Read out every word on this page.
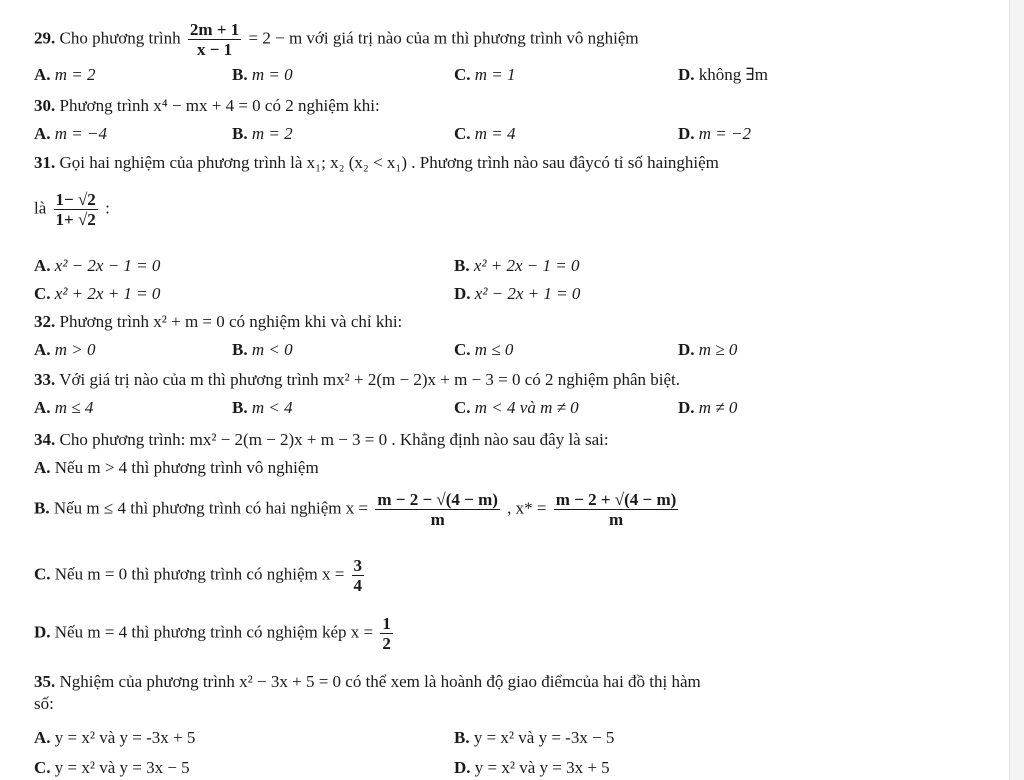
29. Cho phương trình $\frac{2m + 1}{x - 1} = 2 - m$ với giá trị nào của m thì phương trình vô nghiệm
A. m = 2	B. m = 0	C. m = 1	D. không ∃m
30. Phương trình x⁴ − mx + 4 = 0 có 2 nghiệm khi:
A. m = −4	B. m = 2	C. m = 4	D. m = −2
31. Gọi hai nghiệm của phương trình là x₁; x₂ (x₂ < x₁) . Phương trình nào sau đâycó tỉ số hainghiệm
là $\frac{1- √2}{1+ √2}$ :
A. x² − 2x − 1 = 0	B. x² + 2x − 1 = 0
C. x² + 2x + 1 = 0	D. x² − 2x + 1 = 0
32. Phương trình x² + m = 0 có nghiệm khi và chỉ khi:
A. m > 0	B. m < 0	C. m ≤ 0	D. m ≥ 0
33. Với giá trị nào của m thì phương trình mx² + 2(m − 2)x + m − 3 = 0 có 2 nghiệm phân biệt.
A. m ≤ 4	B. m < 4	C. m < 4 và m ≠ 0	D. m ≠ 0
34. Cho phương trình: mx² − 2(m − 2)x + m − 3 = 0 . Khẳng định nào sau đây là sai:
A. Nếu m > 4 thì phương trình vô nghiệm
B. Nếu m ≤ 4 thì phương trình có hai nghiệm $x = \frac{m - 2 - √(4 - m)}{m}$ , $x* = \frac{m - 2 + √(4 - m)}{m}$
C. Nếu m = 0 thì phương trình có nghiệm $x = \frac{3}{4}$
D. Nếu m = 4 thì phương trình có nghiệm kép $x = \frac{1}{2}$
35. Nghiệm của phương trình x² − 3x + 5 = 0 có thể xem là hoành độ giao điểmcủa hai đồ thị hàm
số:
A. y = x² và y = -3x + 5	B. y = x² và y = -3x − 5
C. y = x² và y = 3x − 5	D. y = x² và y = 3x + 5
